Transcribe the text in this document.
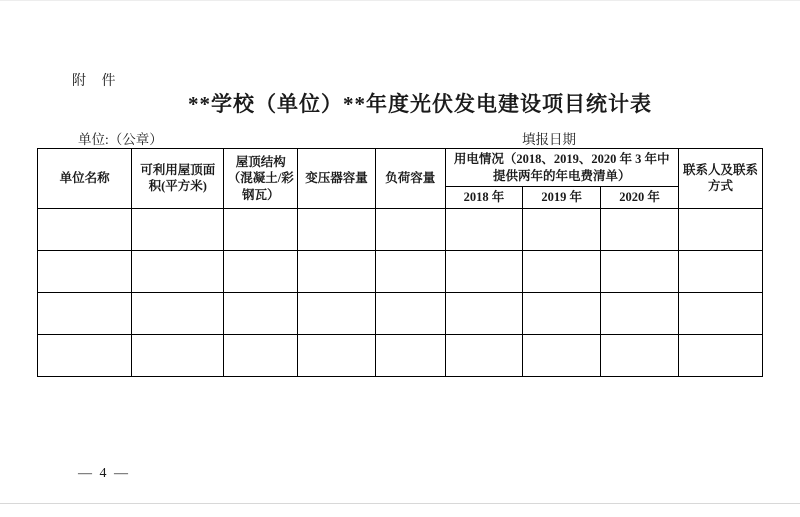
附 件
**学校（单位）**年度光伏发电建设项目统计表
单位:（公章）	填报日期
单位名称	可利用屋顶面积(平方米)	屋顶结构（混凝土/彩钢瓦）	变压器容量	负荷容量	用电情况（2018、2019、2020 年 3 年中提供两年的年电费清单）			联系人及联系方式
					2018 年	2019 年	2020 年	

— 4 —
